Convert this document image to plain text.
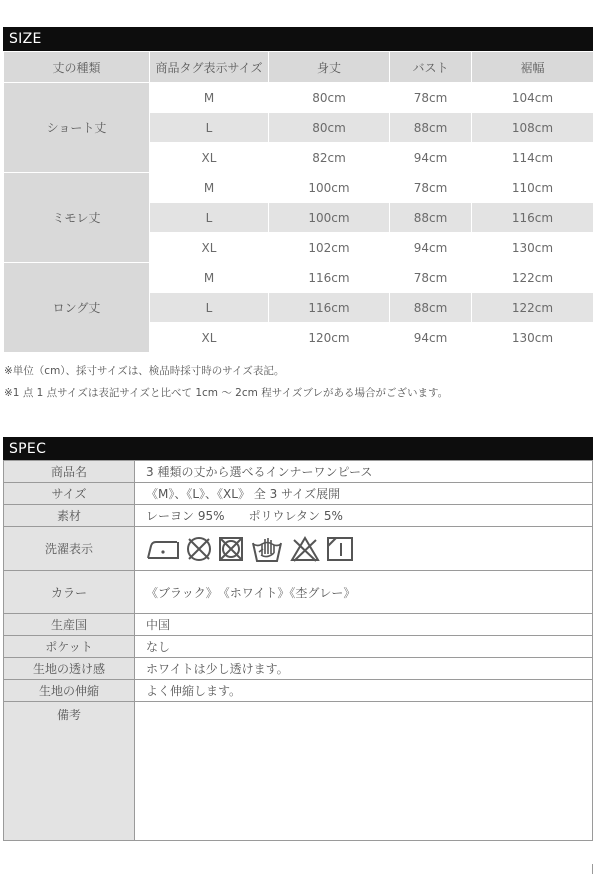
SIZE
丈の種類	商品タグ表示サイズ	身丈	バスト	裾幅
ショート丈	M	80cm	78cm	104cm
	L	80cm	88cm	108cm
	XL	82cm	94cm	114cm
ミモレ丈	M	100cm	78cm	110cm
	L	100cm	88cm	116cm
	XL	102cm	94cm	130cm
ロング丈	M	116cm	78cm	122cm
	L	116cm	88cm	122cm
	XL	120cm	94cm	130cm
※単位（cm）、採寸サイズは、検品時採寸時のサイズ表記。
※1 点 1 点サイズは表記サイズと比べて 1cm ～ 2cm 程サイズブレがある場合がございます。
SPEC
商品名	3 種類の丈から選べるインナーワンピース
サイズ	《M》、《L》、《XL》 全 3 サイズ展開
素材	レーヨン 95%　　ポリウレタン 5%
洗濯表示	

カラー	《ブラック》　《ホワイト》《杢グレー》
生産国	中国
ポケット	なし
生地の透け感	ホワイトは少し透けます。
生地の伸縮	よく伸縮します。
備考	
